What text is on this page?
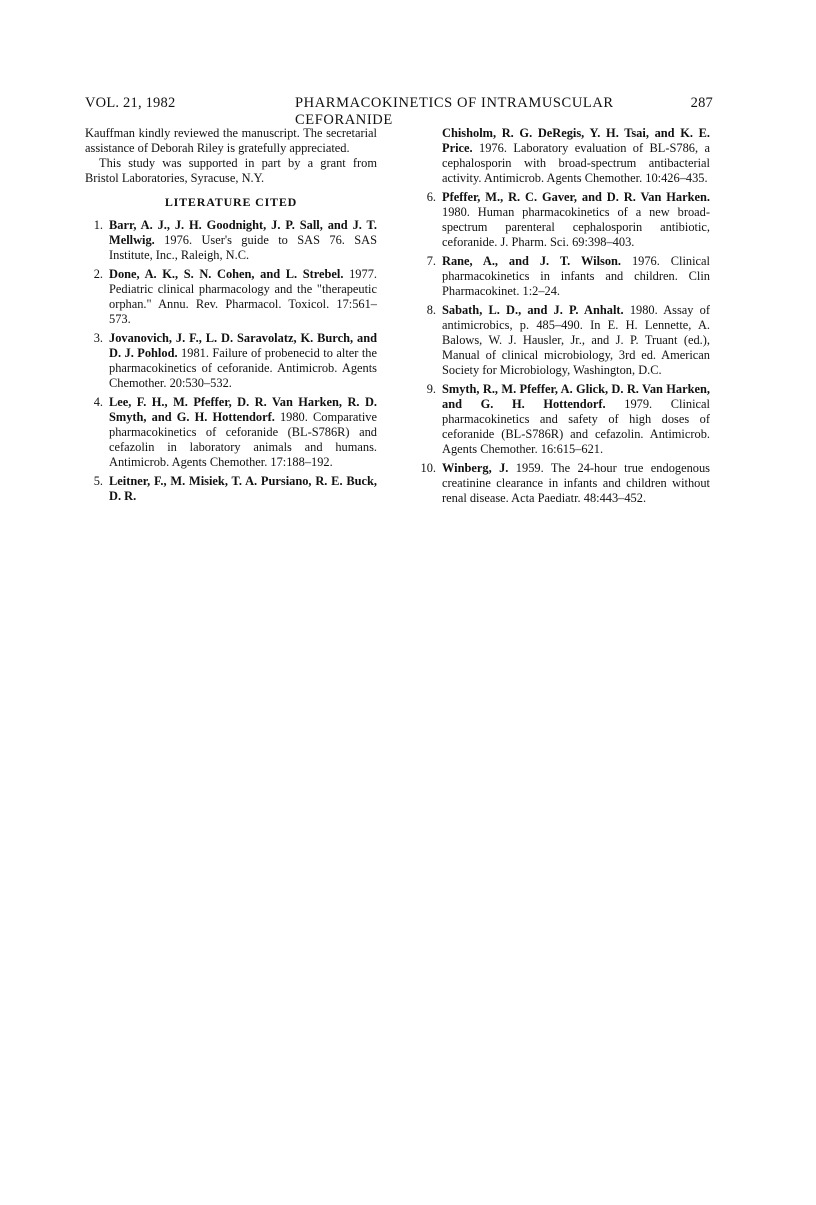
VOL. 21, 1982	PHARMACOKINETICS OF INTRAMUSCULAR CEFORANIDE
287

Kauffman kindly reviewed the manuscript. The secretarial assistance of Deborah Riley is gratefully appreciated.

This study was supported in part by a grant from Bristol Laboratories, Syracuse, N.Y.

LITERATURE CITED
1. Barr, A. J., J. H. Goodnight, J. P. Sall, and J. T. Mellwig. 1976. User's guide to SAS 76. SAS Institute, Inc., Raleigh, N.C.
2. Done, A. K., S. N. Cohen, and L. Strebel. 1977. Pediatric clinical pharmacology and the "therapeutic orphan." Annu. Rev. Pharmacol. Toxicol. 17:561–573.
3. Jovanovich, J. F., L. D. Saravolatz, K. Burch, and D. J. Pohlod. 1981. Failure of probenecid to alter the pharmacokinetics of ceforanide. Antimicrob. Agents Chemother. 20:530–532.
4. Lee, F. H., M. Pfeffer, D. R. Van Harken, R. D. Smyth, and G. H. Hottendorf. 1980. Comparative pharmacokinetics of ceforanide (BL-S786R) and cefazolin in laboratory animals and humans. Antimicrob. Agents Chemother. 17:188–192.
5. Leitner, F., M. Misiek, T. A. Pursiano, R. E. Buck, D. R.
Chisholm, R. G. DeRegis, Y. H. Tsai, and K. E. Price. 1976. Laboratory evaluation of BL-S786, a cephalosporin with broad-spectrum antibacterial activity. Antimicrob. Agents Chemother. 10:426–435.
6. Pfeffer, M., R. C. Gaver, and D. R. Van Harken. 1980. Human pharmacokinetics of a new broad-spectrum parenteral cephalosporin antibiotic, ceforanide. J. Pharm. Sci. 69:398–403.
7. Rane, A., and J. T. Wilson. 1976. Clinical pharmacokinetics in infants and children. Clin Pharmacokinet. 1:2–24.
8. Sabath, L. D., and J. P. Anhalt. 1980. Assay of antimicrobics, p. 485–490. In E. H. Lennette, A. Balows, W. J. Hausler, Jr., and J. P. Truant (ed.), Manual of clinical microbiology, 3rd ed. American Society for Microbiology, Washington, D.C.
9. Smyth, R., M. Pfeffer, A. Glick, D. R. Van Harken, and G. H. Hottendorf. 1979. Clinical pharmacokinetics and safety of high doses of ceforanide (BL-S786R) and cefazolin. Antimicrob. Agents Chemother. 16:615–621.
10. Winberg, J. 1959. The 24-hour true endogenous creatinine clearance in infants and children without renal disease. Acta Paediatr. 48:443–452.
